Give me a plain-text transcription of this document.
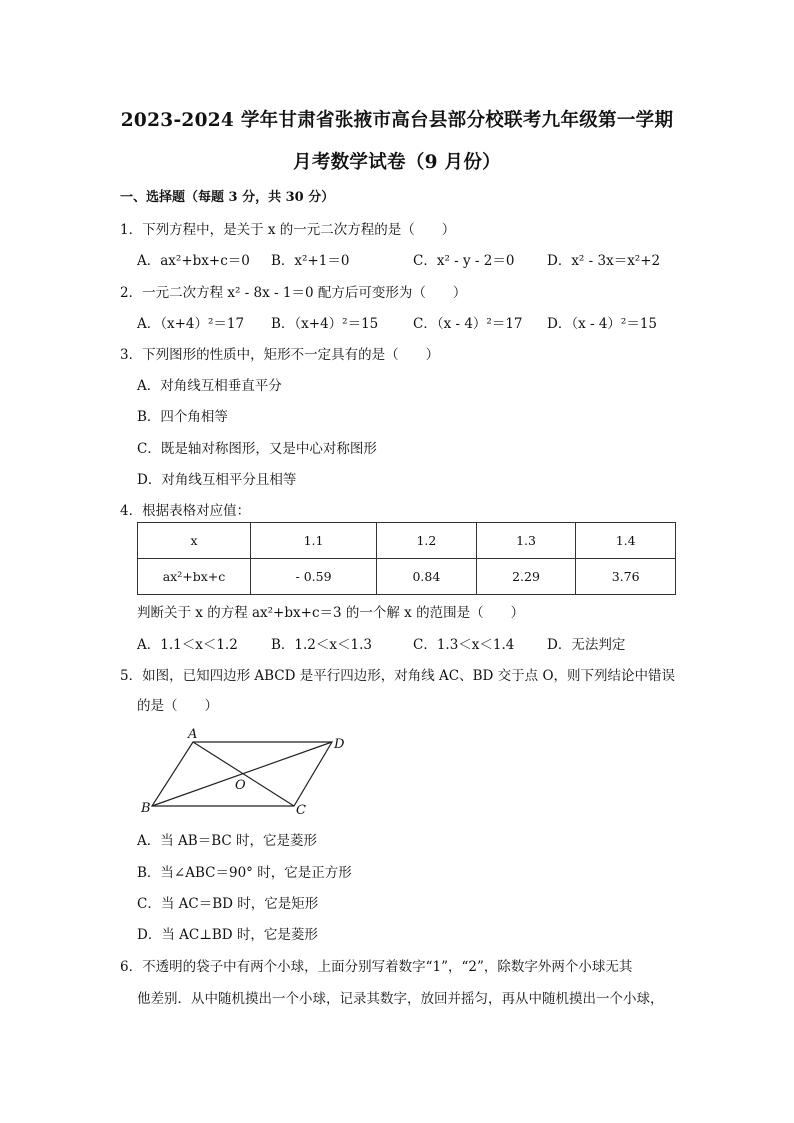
2023-2024 学年甘肃省张掖市高台县部分校联考九年级第一学期
月考数学试卷（9 月份）
一、选择题（每题 3 分，共 30 分）
1．下列方程中，是关于 x 的一元二次方程的是（　　）
A．ax²+bx+c＝0 B．x²+1＝0	C．x² - y - 2＝0 D．x² - 3x＝x²+2
2．一元二次方程 x² - 8x - 1＝0 配方后可变形为（　　）
A．（x+4）²＝17 B．（x+4）²＝15	C．（x - 4）²＝17 D．（x - 4）²＝15
3．下列图形的性质中，矩形不一定具有的是（　　）
A．对角线互相垂直平分
B．四个角相等
C．既是轴对称图形，又是中心对称图形
D．对角线互相平分且相等
4．根据表格对应值：
x	1.1	1.2	1.3	1.4
ax²+bx+c	- 0.59	0.84	2.29	3.76
判断关于 x 的方程 ax²+bx+c＝3 的一个解 x 的范围是（　　）
A．1.1＜x＜1.2 B．1.2＜x＜1.3	C．1.3＜x＜1.4 D．无法判定
5．如图，已知四边形 ABCD 是平行四边形，对角线 AC、BD 交于点 O，则下列结论中错误
的是（　　）
A
D
B	C
O
A．当 AB＝BC 时，它是菱形
B．当∠ABC＝90° 时，它是正方形
C．当 AC＝BD 时，它是矩形
D．当 AC⊥BD 时，它是菱形
6．不透明的袋子中有两个小球，上面分别写着数字“1”，“2”，除数字外两个小球无其
他差别．从中随机摸出一个小球，记录其数字，放回并摇匀，再从中随机摸出一个小球，
